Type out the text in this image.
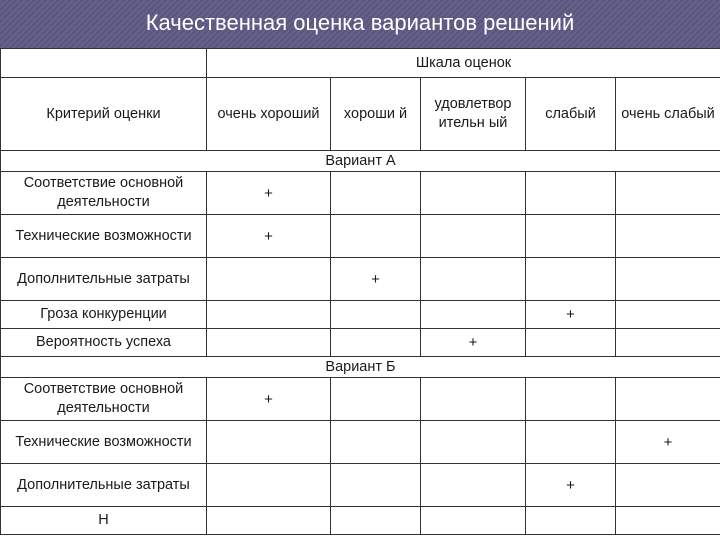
Качественная оценка вариантов решений
	Шкала оценок				
Критерий оценки	очень хороший	хороши й	удовлетвор ительн ый	слабый	очень слабый
Вариант А					
Соответствие основной деятельности	+				
Технические возможности	+				
Дополнительные затраты		+			
Гроза конкуренции				+	
Вероятность успеха			+		
Вариант Б					
Соответствие основной деятельности	+				
Технические возможности					+
Дополнительные затраты				+	
Н					
